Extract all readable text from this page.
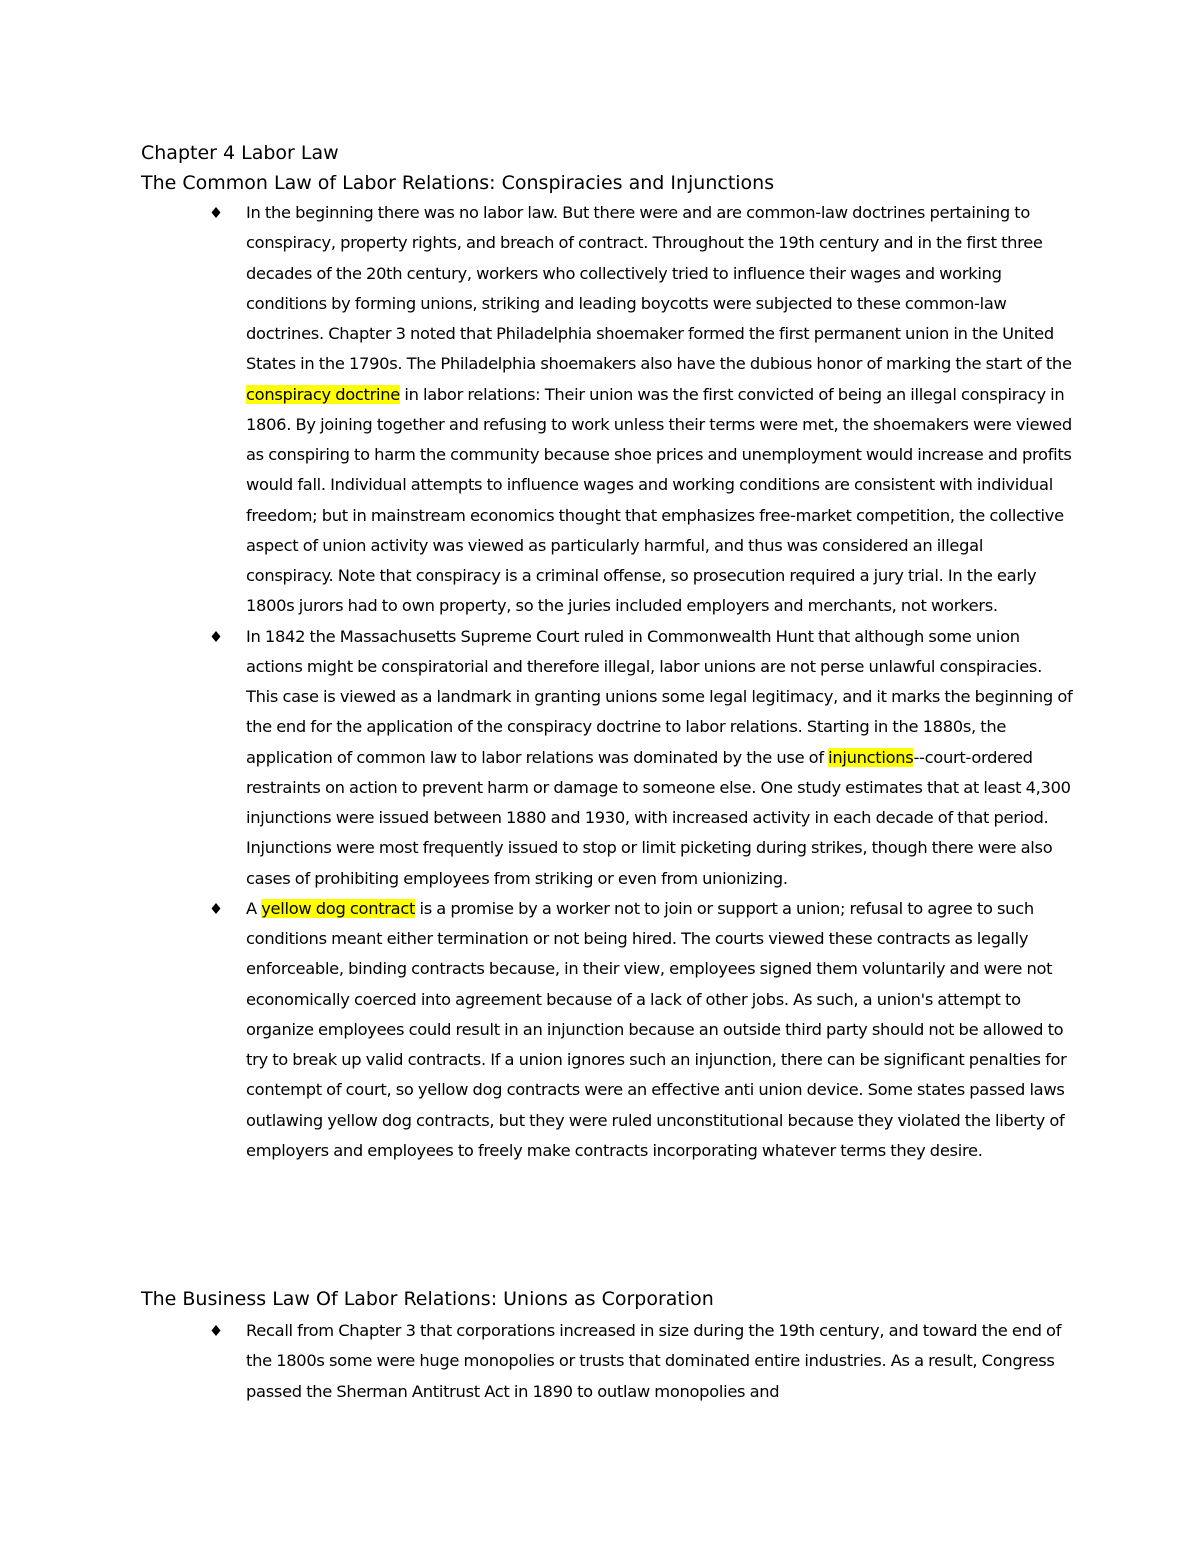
Chapter 4 Labor Law
The Common Law of Labor Relations: Conspiracies and Injunctions
In the beginning there was no labor law. But there were and are common-law doctrines pertaining to conspiracy, property rights, and breach of contract. Throughout the 19th century and in the first three decades of the 20th century, workers who collectively tried to influence their wages and working conditions by forming unions, striking and leading boycotts were subjected to these common-law doctrines. Chapter 3 noted that Philadelphia shoemaker formed the first permanent union in the United States in the 1790s. The Philadelphia shoemakers also have the dubious honor of marking the start of the conspiracy doctrine in labor relations: Their union was the first convicted of being an illegal conspiracy in 1806. By joining together and refusing to work unless their terms were met, the shoemakers were viewed as conspiring to harm the community because shoe prices and unemployment would increase and profits would fall. Individual attempts to influence wages and working conditions are consistent with individual freedom; but in mainstream economics thought that emphasizes free-market competition, the collective aspect of union activity was viewed as particularly harmful, and thus was considered an illegal conspiracy. Note that conspiracy is a criminal offense, so prosecution required a jury trial. In the early 1800s jurors had to own property, so the juries included employers and merchants, not workers.
In 1842 the Massachusetts Supreme Court ruled in Commonwealth Hunt that although some union actions might be conspiratorial and therefore illegal, labor unions are not perse unlawful conspiracies. This case is viewed as a landmark in granting unions some legal legitimacy, and it marks the beginning of the end for the application of the conspiracy doctrine to labor relations. Starting in the 1880s, the application of common law to labor relations was dominated by the use of injunctions--court-ordered restraints on action to prevent harm or damage to someone else. One study estimates that at least 4,300 injunctions were issued between 1880 and 1930, with increased activity in each decade of that period. Injunctions were most frequently issued to stop or limit picketing during strikes, though there were also cases of prohibiting employees from striking or even from unionizing.
A yellow dog contract is a promise by a worker not to join or support a union; refusal to agree to such conditions meant either termination or not being hired. The courts viewed these contracts as legally enforceable, binding contracts because, in their view, employees signed them voluntarily and were not economically coerced into agreement because of a lack of other jobs. As such, a union's attempt to organize employees could result in an injunction because an outside third party should not be allowed to try to break up valid contracts. If a union ignores such an injunction, there can be significant penalties for contempt of court, so yellow dog contracts were an effective anti union device. Some states passed laws outlawing yellow dog contracts, but they were ruled unconstitutional because they violated the liberty of employers and employees to freely make contracts incorporating whatever terms they desire.
The Business Law Of Labor Relations: Unions as Corporation
Recall from Chapter 3 that corporations increased in size during the 19th century, and toward the end of the 1800s some were huge monopolies or trusts that dominated entire industries. As a result, Congress passed the Sherman Antitrust Act in 1890 to outlaw monopolies and
